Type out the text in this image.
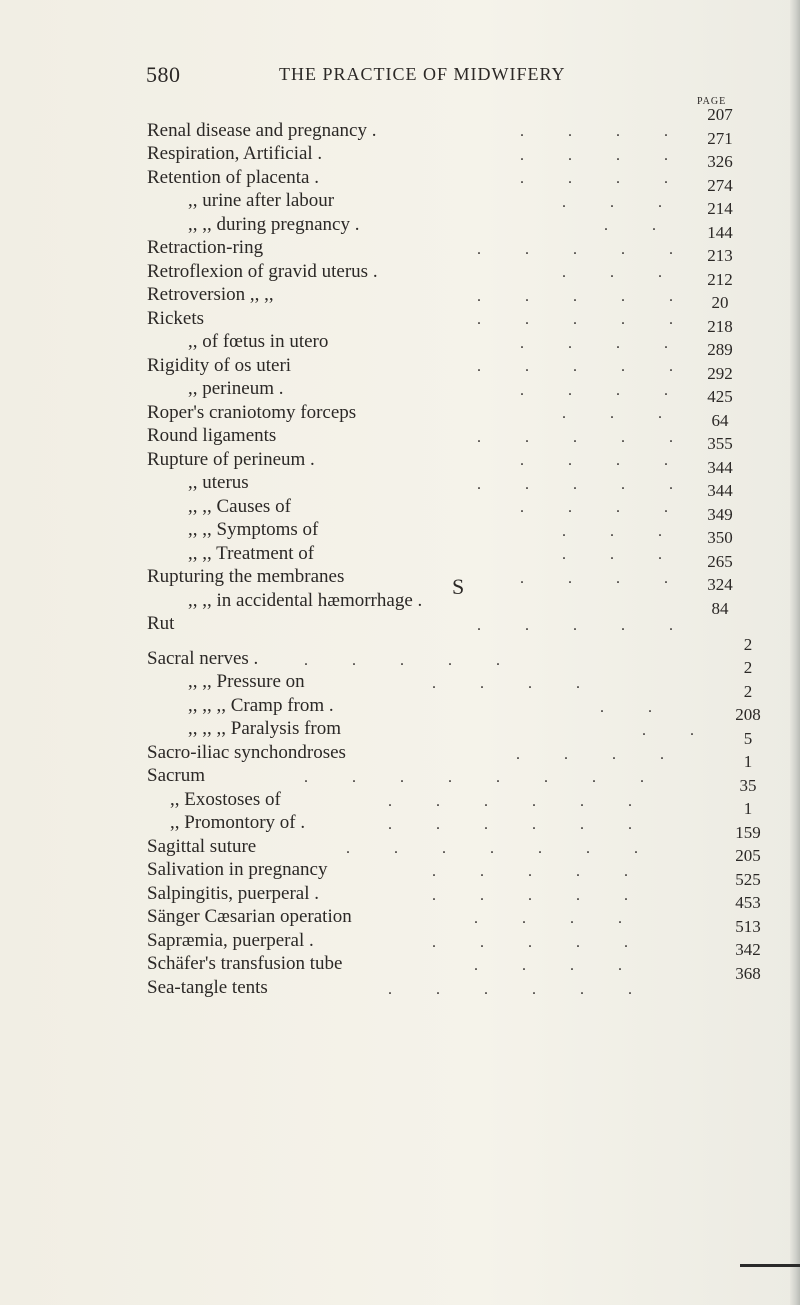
580	THE PRACTICE OF MIDWIFERY
PAGE
Renal disease and pregnancy .
Respiration, Artificial .
Retention of placenta .
,, urine after labour
,, ,, during pregnancy .
Retraction-ring
Retroflexion of gravid uterus .
Retroversion ,, ,,
Rickets
,, of fœtus in utero
Rigidity of os uteri
,, perineum .
Roper's craniotomy forceps
Round ligaments
Rupture of perineum .
,, uterus
,, ,, Causes of
,, ,, Symptoms of
,, ,, Treatment of
Rupturing the membranes
,, ,, in accidental hæmorrhage .
Rut
207
271
326
274
214
144
213
212
20
218
289
292
425
64
355
344
344
349
350
265
324
84
. . . .
. . . .
. . . .
. . .
. .
. . . . .
. . .
. . . . .
. . . . .
. . . .
. . . . .
. . . .
. . .
. . . . .
. . . .
. . . . .
. . . .
. . .
. . .
. . . .
. . . . .
S
Sacral nerves .
,, ,, Pressure on
,, ,, ,, Cramp from .
,, ,, ,, Paralysis from
Sacro-iliac synchondroses
Sacrum
,, Exostoses of
,, Promontory of .
Sagittal suture
Salivation in pregnancy
Salpingitis, puerperal .
Sänger Cæsarian operation
Sapræmia, puerperal .
Schäfer's transfusion tube
Sea-tangle tents
2
2
2
208
5
1
35
1
159
205
525
453
513
342
368
. . . . .
. . . .
. .
. .
. . . .
. . . . . . . .
. . . . . .
. . . . . .
. . . . . . .
. . . . .
. . . . .
. . . .
. . . . .
. . . .
. . . . . .
